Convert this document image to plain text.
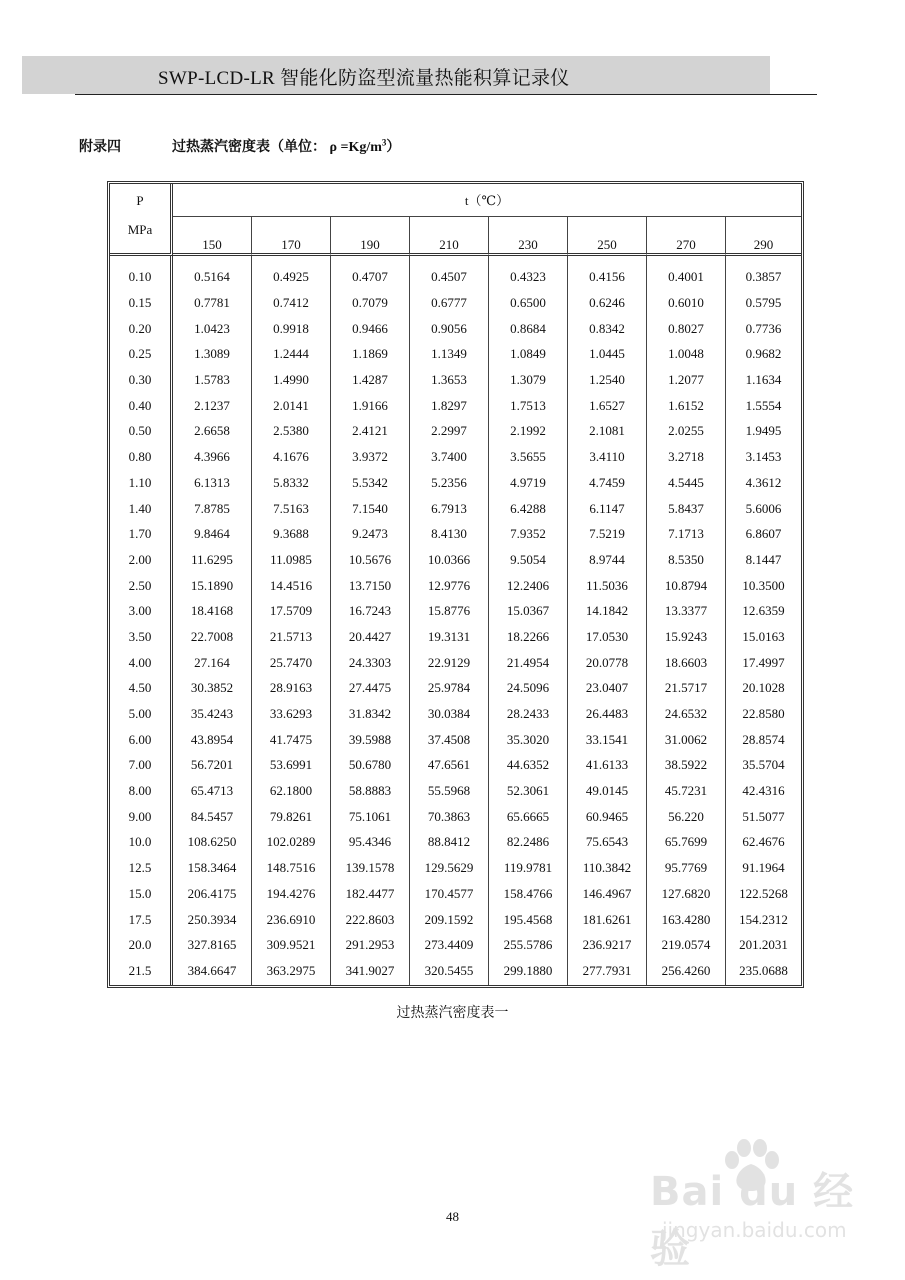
SWP-LCD-LR 智能化防盗型流量热能积算记录仪
附录四	过热蒸汽密度表（单位： $\rho =Kg/m^3$）
P	t（℃）							
MPa	150	170	190	210	230	250	270	290

0.10	0.5164	0.4925	0.4707	0.4507	0.4323	0.4156	0.4001	0.3857
0.15	0.7781	0.7412	0.7079	0.6777	0.6500	0.6246	0.6010	0.5795
0.20	1.0423	0.9918	0.9466	0.9056	0.8684	0.8342	0.8027	0.7736
0.25	1.3089	1.2444	1.1869	1.1349	1.0849	1.0445	1.0048	0.9682
0.30	1.5783	1.4990	1.4287	1.3653	1.3079	1.2540	1.2077	1.1634
0.40	2.1237	2.0141	1.9166	1.8297	1.7513	1.6527	1.6152	1.5554
0.50	2.6658	2.5380	2.4121	2.2997	2.1992	2.1081	2.0255	1.9495
0.80	4.3966	4.1676	3.9372	3.7400	3.5655	3.4110	3.2718	3.1453
1.10	6.1313	5.8332	5.5342	5.2356	4.9719	4.7459	4.5445	4.3612
1.40	7.8785	7.5163	7.1540	6.7913	6.4288	6.1147	5.8437	5.6006
1.70	9.8464	9.3688	9.2473	8.4130	7.9352	7.5219	7.1713	6.8607
2.00	11.6295	11.0985	10.5676	10.0366	9.5054	8.9744	8.5350	8.1447
2.50	15.1890	14.4516	13.7150	12.9776	12.2406	11.5036	10.8794	10.3500
3.00	18.4168	17.5709	16.7243	15.8776	15.0367	14.1842	13.3377	12.6359
3.50	22.7008	21.5713	20.4427	19.3131	18.2266	17.0530	15.9243	15.0163
4.00	27.164	25.7470	24.3303	22.9129	21.4954	20.0778	18.6603	17.4997
4.50	30.3852	28.9163	27.4475	25.9784	24.5096	23.0407	21.5717	20.1028
5.00	35.4243	33.6293	31.8342	30.0384	28.2433	26.4483	24.6532	22.8580
6.00	43.8954	41.7475	39.5988	37.4508	35.3020	33.1541	31.0062	28.8574
7.00	56.7201	53.6991	50.6780	47.6561	44.6352	41.6133	38.5922	35.5704
8.00	65.4713	62.1800	58.8883	55.5968	52.3061	49.0145	45.7231	42.4316
9.00	84.5457	79.8261	75.1061	70.3863	65.6665	60.9465	56.220	51.5077
10.0	108.6250	102.0289	95.4346	88.8412	82.2486	75.6543	65.7699	62.4676
12.5	158.3464	148.7516	139.1578	129.5629	119.9781	110.3842	95.7769	91.1964
15.0	206.4175	194.4276	182.4477	170.4577	158.4766	146.4967	127.6820	122.5268
17.5	250.3934	236.6910	222.8603	209.1592	195.4568	181.6261	163.4280	154.2312
20.0	327.8165	309.9521	291.2953	273.4409	255.5786	236.9217	219.0574	201.2031
21.5	384.6647	363.2975	341.9027	320.5455	299.1880	277.7931	256.4260	235.0688
过热蒸汽密度表一
48
Bai du 经验
jingyan.baidu.com
